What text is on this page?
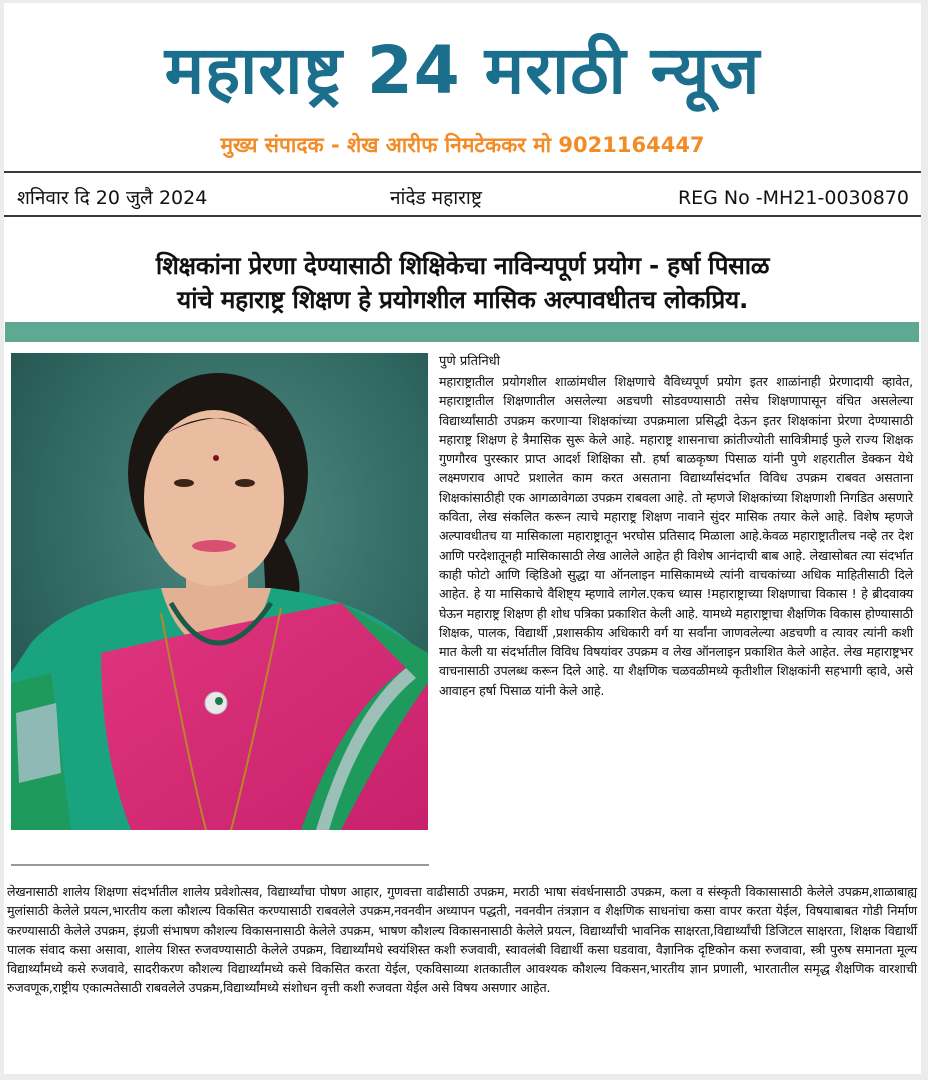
महाराष्ट्र 24 मराठी न्यूज
मुख्य संपादक - शेख आरीफ निमटेककर मो 9021164447
शनिवार दि 20 जुलै 2024	नांदेड महाराष्ट्र	REG No -MH21-0030870
शिक्षकांना प्रेरणा देण्यासाठी शिक्षिकेचा नाविन्यपूर्ण प्रयोग - हर्षा पिसाळ
यांचे महाराष्ट्र शिक्षण हे प्रयोगशील मासिक अल्पावधीतच लोकप्रिय.
पुणे प्रतिनिधी
महाराष्ट्रातील प्रयोगशील शाळांमधील शिक्षणाचे वैविध्यपूर्ण प्रयोग इतर शाळांनाही प्रेरणादायी व्हावेत, महाराष्ट्रातील शिक्षणातील असलेल्या अडचणी सोडवण्यासाठी तसेच शिक्षणापासून वंचित असलेल्या विद्यार्थ्यांसाठी उपक्रम करणाऱ्या शिक्षकांच्या उपक्रमाला प्रसिद्धी देऊन इतर शिक्षकांना प्रेरणा देण्यासाठी महाराष्ट्र शिक्षण हे त्रैमासिक सुरू केले आहे. महाराष्ट्र शासनाचा क्रांतीज्योती सावित्रीमाई फुले राज्य शिक्षक गुणगौरव पुरस्कार प्राप्त आदर्श शिक्षिका सौ. हर्षा बाळकृष्ण पिसाळ यांनी पुणे शहरातील डेक्कन येथे लक्ष्मणराव आपटे प्रशालेत काम करत असताना विद्यार्थ्यांसंदर्भात विविध उपक्रम राबवत असताना शिक्षकांसाठीही एक आगळावेगळा उपक्रम राबवला आहे. तो म्हणजे शिक्षकांच्या शिक्षणाशी निगडित असणारे कविता, लेख संकलित करून त्याचे महाराष्ट्र शिक्षण नावाने सुंदर मासिक तयार केले आहे. विशेष म्हणजे अल्पावधीतच या मासिकाला महाराष्ट्रातून भरघोस प्रतिसाद मिळाला आहे.केवळ महाराष्ट्रातीलच नव्हे तर देश आणि परदेशातूनही मासिकासाठी लेख आलेले आहेत ही विशेष आनंदाची बाब आहे. लेखासोबत त्या संदर्भात काही फोटो आणि व्हिडिओ सुद्धा या ऑनलाइन मासिकामध्ये त्यांनी वाचकांच्या अधिक माहितीसाठी दिले आहेत. हे या मासिकाचे वैशिष्ट्य म्हणावे लागेल.एकच ध्यास !महाराष्ट्राच्या शिक्षणाचा विकास ! हे ब्रीदवाक्य घेऊन महाराष्ट्र शिक्षण ही शोध पत्रिका प्रकाशित केली आहे. यामध्ये महाराष्ट्राचा शैक्षणिक विकास होण्यासाठी शिक्षक, पालक, विद्यार्थी ,प्रशासकीय अधिकारी वर्ग या सर्वांना जाणवलेल्या अडचणी व त्यावर त्यांनी कशी मात केली या संदर्भातील विविध विषयांवर उपक्रम व लेख ऑनलाइन प्रकाशित केले आहेत. लेख महाराष्ट्रभर वाचनासाठी उपलब्ध करून दिले आहे. या शैक्षणिक चळवळीमध्ये कृतीशील शिक्षकांनी सहभागी व्हावे, असे आवाहन हर्षा पिसाळ यांनी केले आहे.
लेखनासाठी शालेय शिक्षणा संदर्भातील शालेय प्रवेशोत्सव, विद्यार्थ्यांचा पोषण आहार, गुणवत्ता वाढीसाठी उपक्रम, मराठी भाषा संवर्धनासाठी उपक्रम, कला व संस्कृती विकासासाठी केलेले उपक्रम,शाळाबाह्य मुलांसाठी केलेले प्रयत्न,भारतीय कला कौशल्य विकसित करण्यासाठी राबवलेले उपक्रम,नवनवीन अध्यापन पद्धती, नवनवीन तंत्रज्ञान व शैक्षणिक साधनांचा कसा वापर करता येईल, विषयाबाबत गोडी निर्माण करण्यासाठी केलेले उपक्रम, इंग्रजी संभाषण कौशल्य विकासनासाठी केलेले उपक्रम, भाषण कौशल्य विकासनासाठी केलेले प्रयत्न, विद्यार्थ्यांची भावनिक साक्षरता,विद्यार्थ्यांची डिजिटल साक्षरता, शिक्षक विद्यार्थी पालक संवाद कसा असावा, शालेय शिस्त रुजवण्यासाठी केलेले उपक्रम, विद्यार्थ्यांमधे स्वयंशिस्त कशी रुजवावी, स्वावलंबी विद्यार्थी कसा घडवावा, वैज्ञानिक दृष्टिकोन कसा रुजवावा, स्त्री पुरुष समानता मूल्य विद्यार्थ्यांमध्ये कसे रुजवावे, सादरीकरण कौशल्य विद्यार्थ्यांमध्ये कसे विकसित करता येईल, एकविसाव्या शतकातील आवश्यक कौशल्य विकसन,भारतीय ज्ञान प्रणाली, भारतातील समृद्ध शैक्षणिक वारशाची रुजवणूक,राष्ट्रीय एकात्मतेसाठी राबवलेले उपक्रम,विद्यार्थ्यांमध्ये संशोधन वृत्ती कशी रुजवता येईल असे विषय असणार आहेत.
